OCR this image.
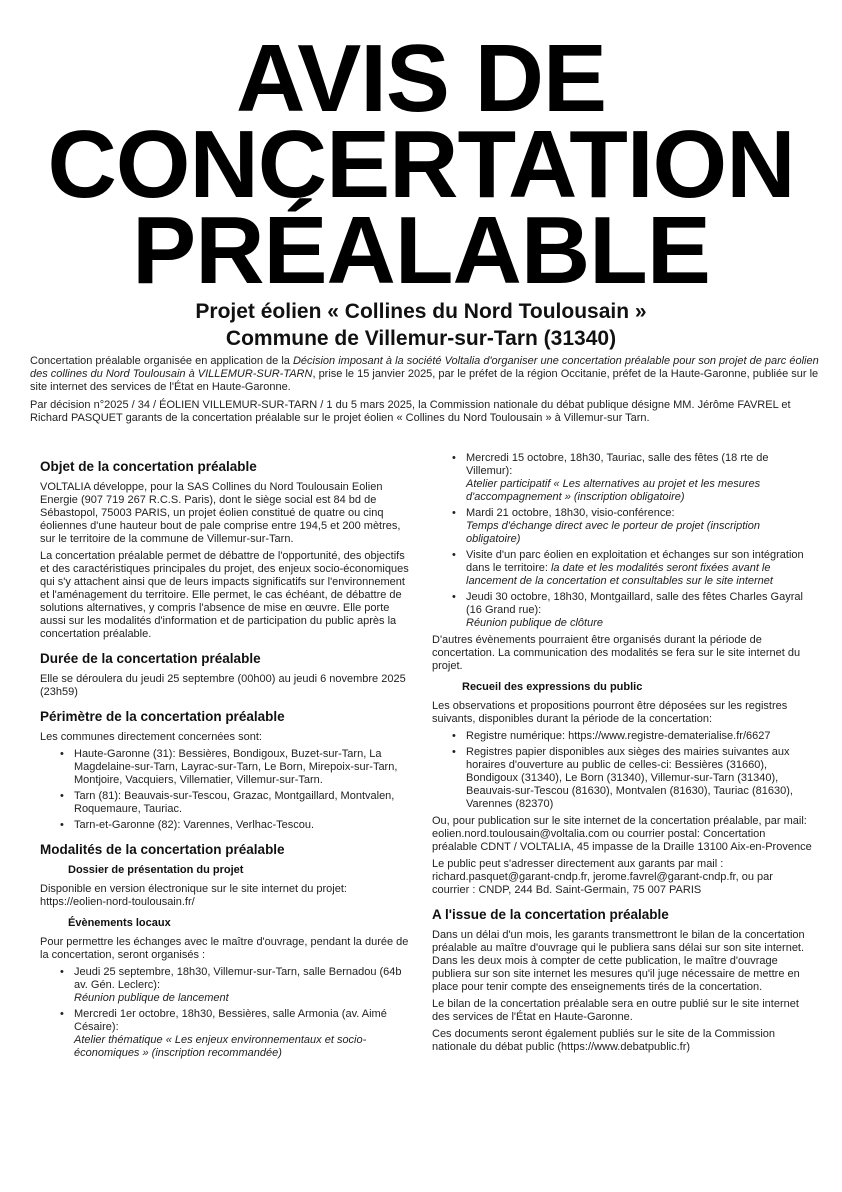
AVIS DE
CONCERTATION
PRÉALABLE
Projet éolien « Collines du Nord Toulousain »
Commune de Villemur-sur-Tarn (31340)

Concertation préalable organisée en application de la Décision imposant à la société Voltalia d'organiser une concertation préalable pour son projet de parc éolien des collines du Nord Toulousain à VILLEMUR-SUR-TARN, prise le 15 janvier 2025, par le préfet de la région Occitanie, préfet de la Haute-Garonne, publiée sur le site internet des services de l'État en Haute-Garonne.

Par décision n°2025 / 34 / ÉOLIEN VILLEMUR-SUR-TARN / 1 du 5 mars 2025, la Commission nationale du débat publique désigne MM. Jérôme FAVREL et Richard PASQUET garants de la concertation préalable sur le projet éolien « Collines du Nord Toulousain » à Villemur-sur Tarn.

Objet de la concertation préalable

VOLTALIA développe, pour la SAS Collines du Nord Toulousain Eolien Energie (907 719 267 R.C.S. Paris), dont le siège social est 84 bd de Sébastopol, 75003 PARIS, un projet éolien constitué de quatre ou cinq éoliennes d'une hauteur bout de pale comprise entre 194,5 et 200 mètres, sur le territoire de la commune de Villemur-sur-Tarn.

La concertation préalable permet de débattre de l'opportunité, des objectifs et des caractéristiques principales du projet, des enjeux socio-économiques qui s'y attachent ainsi que de leurs impacts significatifs sur l'environnement et l'aménagement du territoire. Elle permet, le cas échéant, de débattre de solutions alternatives, y compris l'absence de mise en œuvre. Elle porte aussi sur les modalités d'information et de participation du public après la concertation préalable.

Durée de la concertation préalable

Elle se déroulera du jeudi 25 septembre (00h00) au jeudi 6 novembre 2025 (23h59)

Périmètre de la concertation préalable

Les communes directement concernées sont:

• Haute-Garonne (31): Bessières, Bondigoux, Buzet-sur-Tarn, La Magdelaine-sur-Tarn, Layrac-sur-Tarn, Le Born, Mirepoix-sur-Tarn, Montjoire, Vacquiers, Villematier, Villemur-sur-Tarn.
• Tarn (81): Beauvais-sur-Tescou, Grazac, Montgaillard, Montvalen, Roquemaure, Tauriac.
• Tarn-et-Garonne (82): Varennes, Verlhac-Tescou.
Modalités de la concertation préalable
Dossier de présentation du projet

Disponible en version électronique sur le site internet du projet: https://eolien-nord-toulousain.fr/

Évènements locaux

Pour permettre les échanges avec le maître d'ouvrage, pendant la durée de la concertation, seront organisés :

• Jeudi 25 septembre, 18h30, Villemur-sur-Tarn, salle Bernadou (64b av. Gén. Leclerc):
Réunion publique de lancement
• Mercredi 1er octobre, 18h30, Bessières, salle Armonia (av. Aimé Césaire):
Atelier thématique « Les enjeux environnementaux et socio-économiques » (inscription recommandée)
• Mercredi 15 octobre, 18h30, Tauriac, salle des fêtes (18 rte de Villemur):
Atelier participatif « Les alternatives au projet et les mesures d'accompagnement » (inscription obligatoire)
• Mardi 21 octobre, 18h30, visio-conférence:
Temps d'échange direct avec le porteur de projet (inscription obligatoire)
• Visite d'un parc éolien en exploitation et échanges sur son intégration dans le territoire: la date et les modalités seront fixées avant le lancement de la concertation et consultables sur le site internet
• Jeudi 30 octobre, 18h30, Montgaillard, salle des fêtes Charles Gayral (16 Grand rue):
Réunion publique de clôture

D'autres évènements pourraient être organisés durant la période de concertation. La communication des modalités se fera sur le site internet du projet.

Recueil des expressions du public

Les observations et propositions pourront être déposées sur les registres suivants, disponibles durant la période de la concertation:

• Registre numérique: https://www.registre-dematerialise.fr/6627
• Registres papier disponibles aux sièges des mairies suivantes aux horaires d'ouverture au public de celles-ci: Bessières (31660), Bondigoux (31340), Le Born (31340), Villemur-sur-Tarn (31340), Beauvais-sur-Tescou (81630), Montvalen (81630), Tauriac (81630), Varennes (82370)

Ou, pour publication sur le site internet de la concertation préalable, par mail: eolien.nord.toulousain@voltalia.com ou courrier postal: Concertation préalable CDNT / VOLTALIA, 45 impasse de la Draille 13100 Aix-en-Provence

Le public peut s'adresser directement aux garants par mail : richard.pasquet@garant-cndp.fr, jerome.favrel@garant-cndp.fr, ou par courrier : CNDP, 244 Bd. Saint-Germain, 75 007 PARIS

A l'issue de la concertation préalable

Dans un délai d'un mois, les garants transmettront le bilan de la concertation préalable au maître d'ouvrage qui le publiera sans délai sur son site internet. Dans les deux mois à compter de cette publication, le maître d'ouvrage publiera sur son site internet les mesures qu'il juge nécessaire de mettre en place pour tenir compte des enseignements tirés de la concertation.

Le bilan de la concertation préalable sera en outre publié sur le site internet des services de l'État en Haute-Garonne.

Ces documents seront également publiés sur le site de la Commission nationale du débat public (https://www.debatpublic.fr)
